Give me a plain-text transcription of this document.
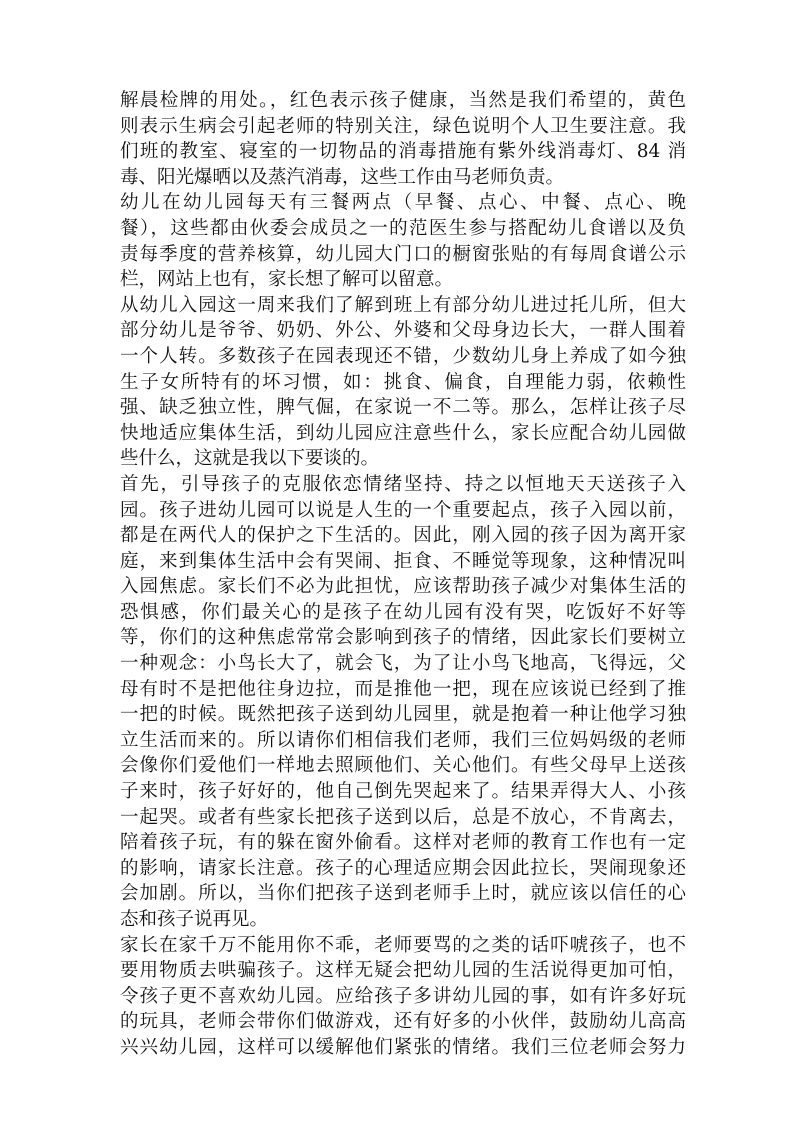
解晨检牌的用处。，红色表示孩子健康，当然是我们希望的，黄色
则表示生病会引起老师的特别关注，绿色说明个人卫生要注意。我
们班的教室、寝室的一切物品的消毒措施有紫外线消毒灯、84 消
毒、阳光爆晒以及蒸汽消毒，这些工作由马老师负责。
幼儿在幼儿园每天有三餐两点（早餐、点心、中餐、点心、晚
餐），这些都由伙委会成员之一的范医生参与搭配幼儿食谱以及负
责每季度的营养核算，幼儿园大门口的橱窗张贴的有每周食谱公示
栏，网站上也有，家长想了解可以留意。
从幼儿入园这一周来我们了解到班上有部分幼儿进过托儿所，但大
部分幼儿是爷爷、奶奶、外公、外婆和父母身边长大，一群人围着
一个人转。多数孩子在园表现还不错，少数幼儿身上养成了如今独
生子女所特有的坏习惯，如：挑食、偏食，自理能力弱，依赖性
强、缺乏独立性，脾气倔，在家说一不二等。那么，怎样让孩子尽
快地适应集体生活，到幼儿园应注意些什么，家长应配合幼儿园做
些什么，这就是我以下要谈的。
首先，引导孩子的克服依恋情绪坚持、持之以恒地天天送孩子入
园。孩子进幼儿园可以说是人生的一个重要起点，孩子入园以前，
都是在两代人的保护之下生活的。因此，刚入园的孩子因为离开家
庭，来到集体生活中会有哭闹、拒食、不睡觉等现象，这种情况叫
入园焦虑。家长们不必为此担忧，应该帮助孩子减少对集体生活的
恐惧感，你们最关心的是孩子在幼儿园有没有哭，吃饭好不好等
等，你们的这种焦虑常常会影响到孩子的情绪，因此家长们要树立
一种观念：小鸟长大了，就会飞，为了让小鸟飞地高，飞得远，父
母有时不是把他往身边拉，而是推他一把，现在应该说已经到了推
一把的时候。既然把孩子送到幼儿园里，就是抱着一种让他学习独
立生活而来的。所以请你们相信我们老师，我们三位妈妈级的老师
会像你们爱他们一样地去照顾他们、关心他们。有些父母早上送孩
子来时，孩子好好的，他自己倒先哭起来了。结果弄得大人、小孩
一起哭。或者有些家长把孩子送到以后，总是不放心，不肯离去，
陪着孩子玩，有的躲在窗外偷看。这样对老师的教育工作也有一定
的影响，请家长注意。孩子的心理适应期会因此拉长，哭闹现象还
会加剧。所以，当你们把孩子送到老师手上时，就应该以信任的心
态和孩子说再见。
家长在家千万不能用你不乖，老师要骂的之类的话吓唬孩子，也不
要用物质去哄骗孩子。这样无疑会把幼儿园的生活说得更加可怕，
令孩子更不喜欢幼儿园。应给孩子多讲幼儿园的事，如有许多好玩
的玩具，老师会带你们做游戏，还有好多的小伙伴，鼓励幼儿高高
兴兴幼儿园，这样可以缓解他们紧张的情绪。我们三位老师会努力
